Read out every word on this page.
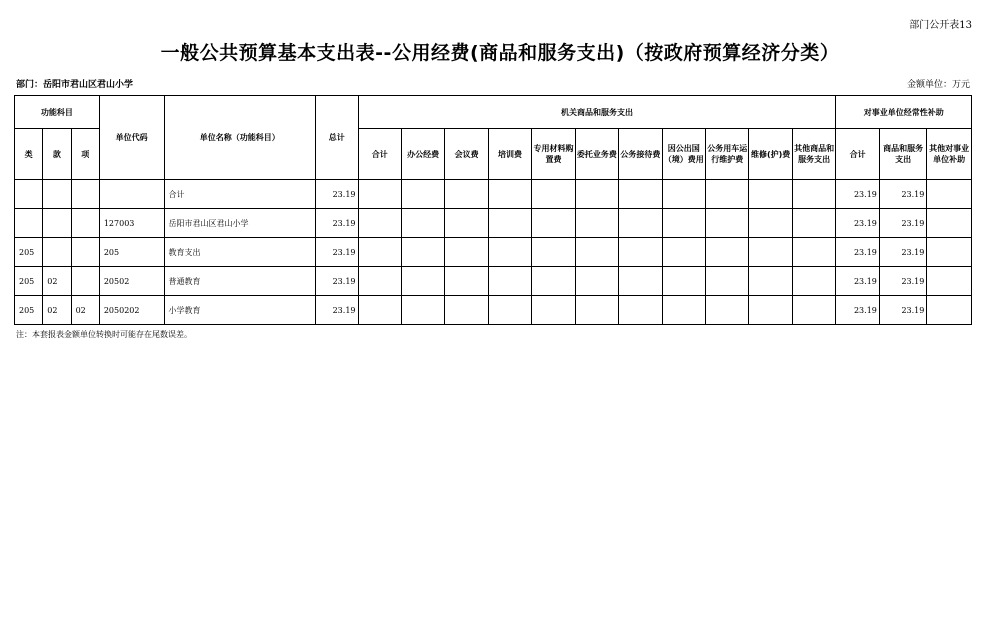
部门公开表13
一般公共预算基本支出表--公用经费(商品和服务支出)（按政府预算经济分类）
部门：岳阳市君山区君山小学	金额单位：万元
功能科目			单位代码	单位名称（功能科目）	总计	机关商品和服务支出											对事业单位经常性补助		
类	款	项				合计	办公经费	会议费	培训费	专用材料购置费	委托业务费	公务接待费	因公出国（境）费用	公务用车运行维护费	维修(护)费	其他商品和服务支出	合计	商品和服务支出	其他对事业单位补助
				合计	23.19												23.19	23.19	
			127003	岳阳市君山区君山小学	23.19												23.19	23.19	
205			205	教育支出	23.19												23.19	23.19	
205	02		20502	普通教育	23.19												23.19	23.19	
205	02	02	2050202	小学教育	23.19												23.19	23.19	
注：本套报表金额单位转换时可能存在尾数误差。
